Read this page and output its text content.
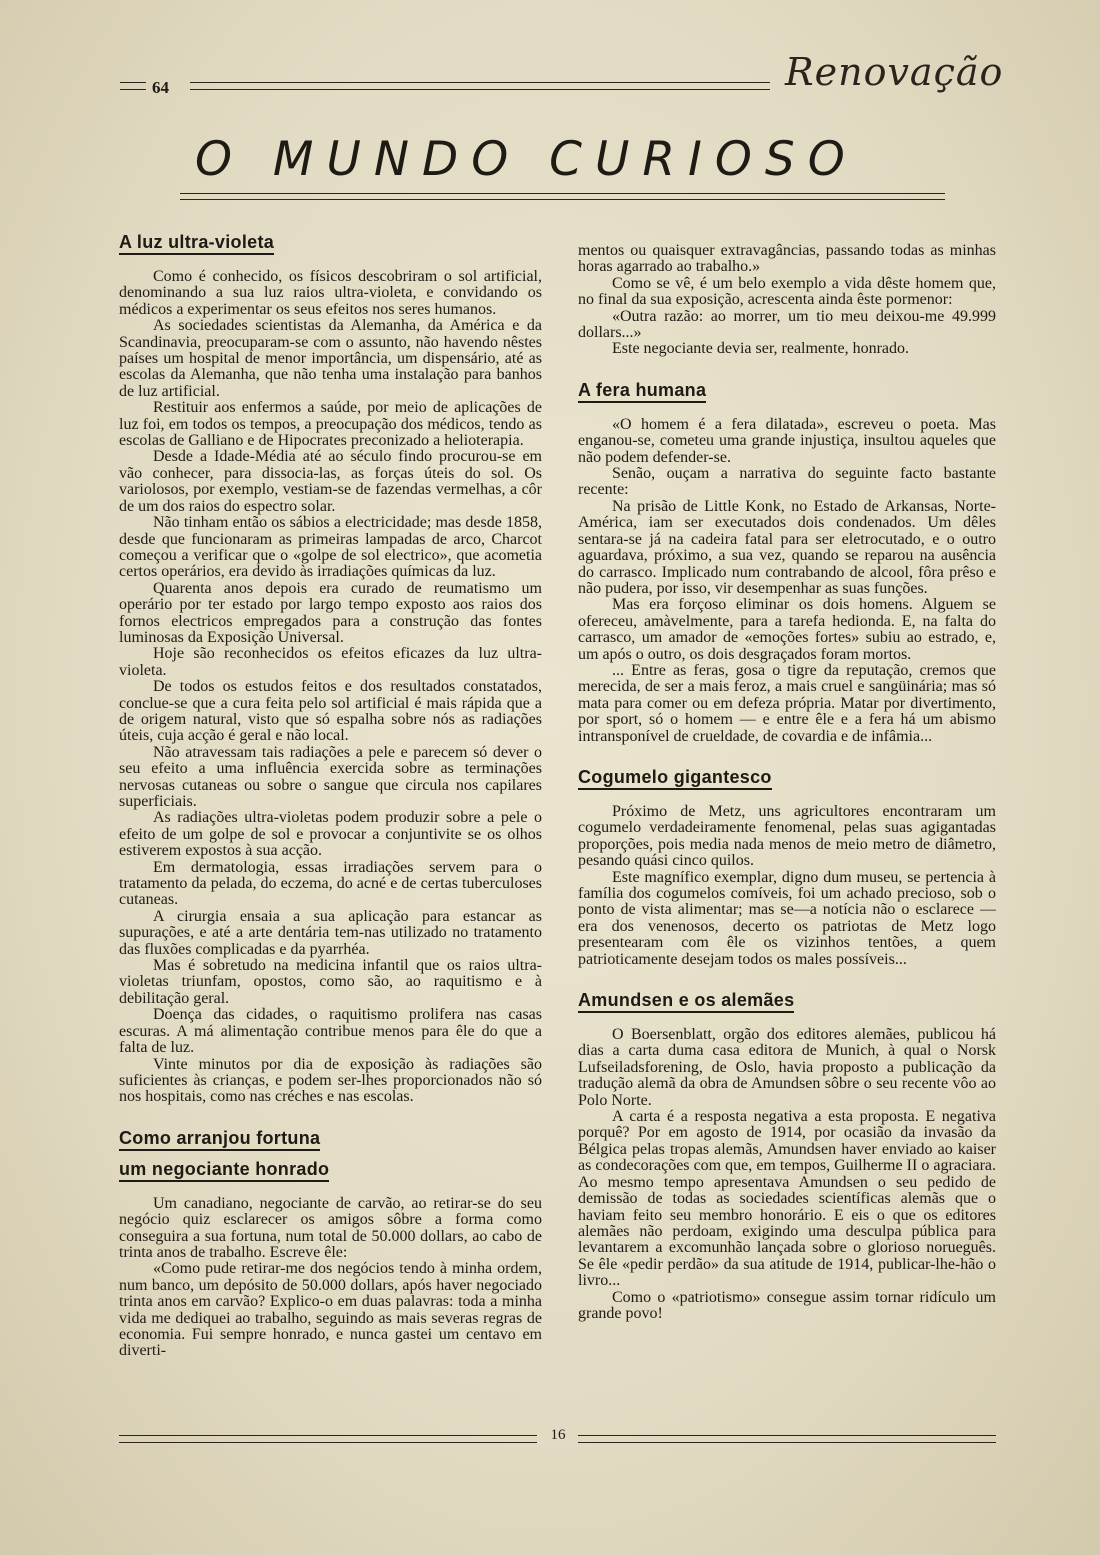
64	Renovação
O MUNDO CURIOSO
A luz ultra-violeta

Como é conhecido, os físicos descobriram o sol artificial, denominando a sua luz raios ultra-violeta, e convidando os médicos a experimentar os seus efeitos nos seres humanos.

As sociedades scientistas da Alemanha, da América e da Scandinavia, preocuparam-se com o assunto, não havendo nêstes países um hospital de menor importância, um dispensário, até as escolas da Alemanha, que não tenha uma instalação para banhos de luz artificial.

Restituir aos enfermos a saúde, por meio de aplicações de luz foi, em todos os tempos, a preocupação dos médicos, tendo as escolas de Galliano e de Hipocrates preconizado a helioterapia.

Desde a Idade-Média até ao século findo procurou-se em vão conhecer, para dissocia-las, as forças úteis do sol. Os variolosos, por exemplo, vestiam-se de fazendas vermelhas, a côr de um dos raios do espectro solar.

Não tinham então os sábios a electricidade; mas desde 1858, desde que funcionaram as primeiras lampadas de arco, Charcot começou a verificar que o «golpe de sol electrico», que acometia certos operários, era devido às irradiações químicas da luz.

Quarenta anos depois era curado de reumatismo um operário por ter estado por largo tempo exposto aos raios dos fornos electricos empregados para a construção das fontes luminosas da Exposição Universal.

Hoje são reconhecidos os efeitos eficazes da luz ultra-violeta.

De todos os estudos feitos e dos resultados constatados, conclue-se que a cura feita pelo sol artificial é mais rápida que a de origem natural, visto que só espalha sobre nós as radiações úteis, cuja acção é geral e não local.

Não atravessam tais radiações a pele e parecem só dever o seu efeito a uma influência exercida sobre as terminações nervosas cutaneas ou sobre o sangue que circula nos capilares superficiais.

As radiações ultra-violetas podem produzir sobre a pele o efeito de um golpe de sol e provocar a conjuntivite se os olhos estiverem expostos à sua acção.

Em dermatologia, essas irradiações servem para o tratamento da pelada, do eczema, do acné e de certas tuberculoses cutaneas.

A cirurgia ensaia a sua aplicação para estancar as supurações, e até a arte dentária tem-nas utilizado no tratamento das fluxões complicadas e da pyarrhéa.

Mas é sobretudo na medicina infantil que os raios ultra-violetas triunfam, opostos, como são, ao raquitismo e à debilitação geral.

Doença das cidades, o raquitismo prolifera nas casas escuras. A má alimentação contribue menos para êle do que a falta de luz.

Vinte minutos por dia de exposição às radiações são suficientes às crianças, e podem ser-lhes proporcionados não só nos hospitais, como nas créches e nas escolas.

Como arranjou fortuna
um negociante honrado

Um canadiano, negociante de carvão, ao retirar-se do seu negócio quiz esclarecer os amigos sôbre a forma como conseguira a sua fortuna, num total de 50.000 dollars, ao cabo de trinta anos de trabalho. Escreve êle:

«Como pude retirar-me dos negócios tendo à minha ordem, num banco, um depósito de 50.000 dollars, após haver negociado trinta anos em carvão? Explico-o em duas palavras: toda a minha vida me dediquei ao trabalho, seguindo as mais severas regras de economia. Fui sempre honrado, e nunca gastei um centavo em diverti-

mentos ou quaisquer extravagâncias, passando todas as minhas horas agarrado ao trabalho.»

Como se vê, é um belo exemplo a vida dêste homem que, no final da sua exposição, acrescenta ainda êste pormenor:

«Outra razão: ao morrer, um tio meu deixou-me 49.999 dollars...»

Este negociante devia ser, realmente, honrado.

A fera humana

«O homem é a fera dilatada», escreveu o poeta. Mas enganou-se, cometeu uma grande injustiça, insultou aqueles que não podem defender-se.

Senão, ouçam a narrativa do seguinte facto bastante recente:

Na prisão de Little Konk, no Estado de Arkansas, Norte-América, iam ser executados dois condenados. Um dêles sentara-se já na cadeira fatal para ser eletrocutado, e o outro aguardava, próximo, a sua vez, quando se reparou na ausência do carrasco. Implicado num contrabando de alcool, fôra prêso e não pudera, por isso, vir desempenhar as suas funções.

Mas era forçoso eliminar os dois homens. Alguem se ofereceu, amàvelmente, para a tarefa hedionda. E, na falta do carrasco, um amador de «emoções fortes» subiu ao estrado, e, um após o outro, os dois desgraçados foram mortos.

... Entre as feras, gosa o tigre da reputação, cremos que merecida, de ser a mais feroz, a mais cruel e sangüinária; mas só mata para comer ou em defeza própria. Matar por divertimento, por sport, só o homem — e entre êle e a fera há um abismo intransponível de crueldade, de covardia e de infâmia...

Cogumelo gigantesco

Próximo de Metz, uns agricultores encontraram um cogumelo verdadeiramente fenomenal, pelas suas agigantadas proporções, pois media nada menos de meio metro de diâmetro, pesando quási cinco quilos.

Este magnífico exemplar, digno dum museu, se pertencia à família dos cogumelos comíveis, foi um achado precioso, sob o ponto de vista alimentar; mas se—a notícia não o esclarece — era dos venenosos, decerto os patriotas de Metz logo presentearam com êle os vizinhos tentões, a quem patrioticamente desejam todos os males possíveis...

Amundsen e os alemães

O Boersenblatt, orgão dos editores alemães, publicou há dias a carta duma casa editora de Munich, à qual o Norsk Lufseiladsforening, de Oslo, havia proposto a publicação da tradução alemã da obra de Amundsen sôbre o seu recente vôo ao Polo Norte.

A carta é a resposta negativa a esta proposta. E negativa porquê? Por em agosto de 1914, por ocasião da invasão da Bélgica pelas tropas alemãs, Amundsen haver enviado ao kaiser as condecorações com que, em tempos, Guilherme II o agraciara. Ao mesmo tempo apresentava Amundsen o seu pedido de demissão de todas as sociedades scientíficas alemãs que o haviam feito seu membro honorário. E eis o que os editores alemães não perdoam, exigindo uma desculpa pública para levantarem a excomunhão lançada sobre o glorioso norueguês. Se êle «pedir perdão» da sua atitude de 1914, publicar-lhe-hão o livro...

Como o «patriotismo» consegue assim tornar ridículo um grande povo!

16
